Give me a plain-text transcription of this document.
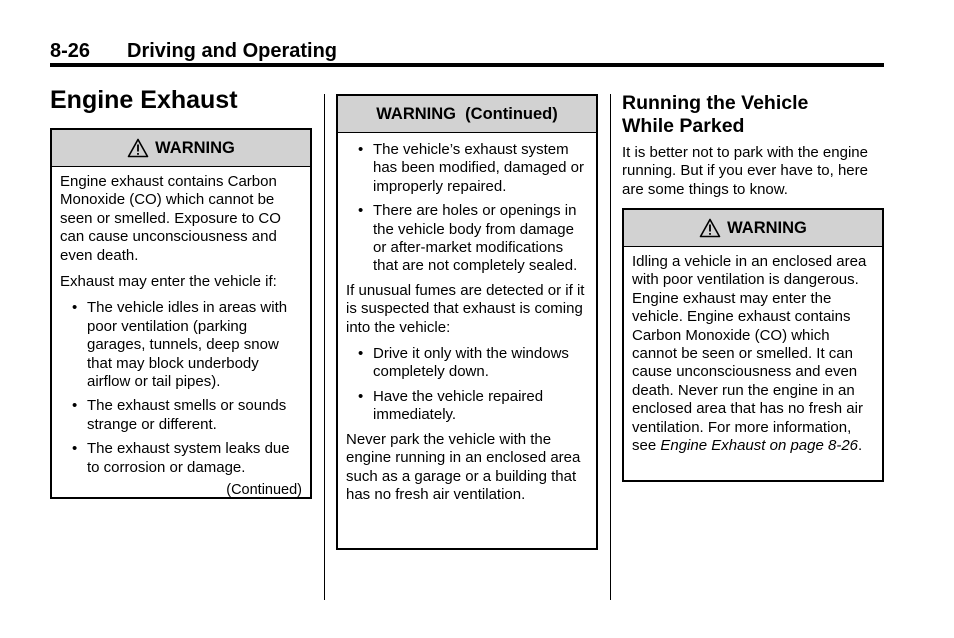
8-26 Driving and Operating
Engine Exhaust
WARNING

Engine exhaust contains Carbon Monoxide (CO) which cannot be seen or smelled. Exposure to CO can cause unconsciousness and even death.

Exhaust may enter the vehicle if:

• The vehicle idles in areas with poor ventilation (parking garages, tunnels, deep snow that may block underbody airflow or tail pipes).
• The exhaust smells or sounds strange or different.
• The exhaust system leaks due to corrosion or damage.
(Continued)
WARNING  (Continued)
• The vehicle’s exhaust system has been modified, damaged or improperly repaired.
• There are holes or openings in the vehicle body from damage or after-market modifications that are not completely sealed.

If unusual fumes are detected or if it is suspected that exhaust is coming into the vehicle:

• Drive it only with the windows completely down.
• Have the vehicle repaired immediately.

Never park the vehicle with the engine running in an enclosed area such as a garage or a building that has no fresh air ventilation.

Running the Vehicle While Parked

It is better not to park with the engine running. But if you ever have to, here are some things to know.

WARNING

Idling a vehicle in an enclosed area with poor ventilation is dangerous. Engine exhaust may enter the vehicle. Engine exhaust contains Carbon Monoxide (CO) which cannot be seen or smelled. It can cause unconsciousness and even death. Never run the engine in an enclosed area that has no fresh air ventilation. For more information, see Engine Exhaust on page 8-26.
